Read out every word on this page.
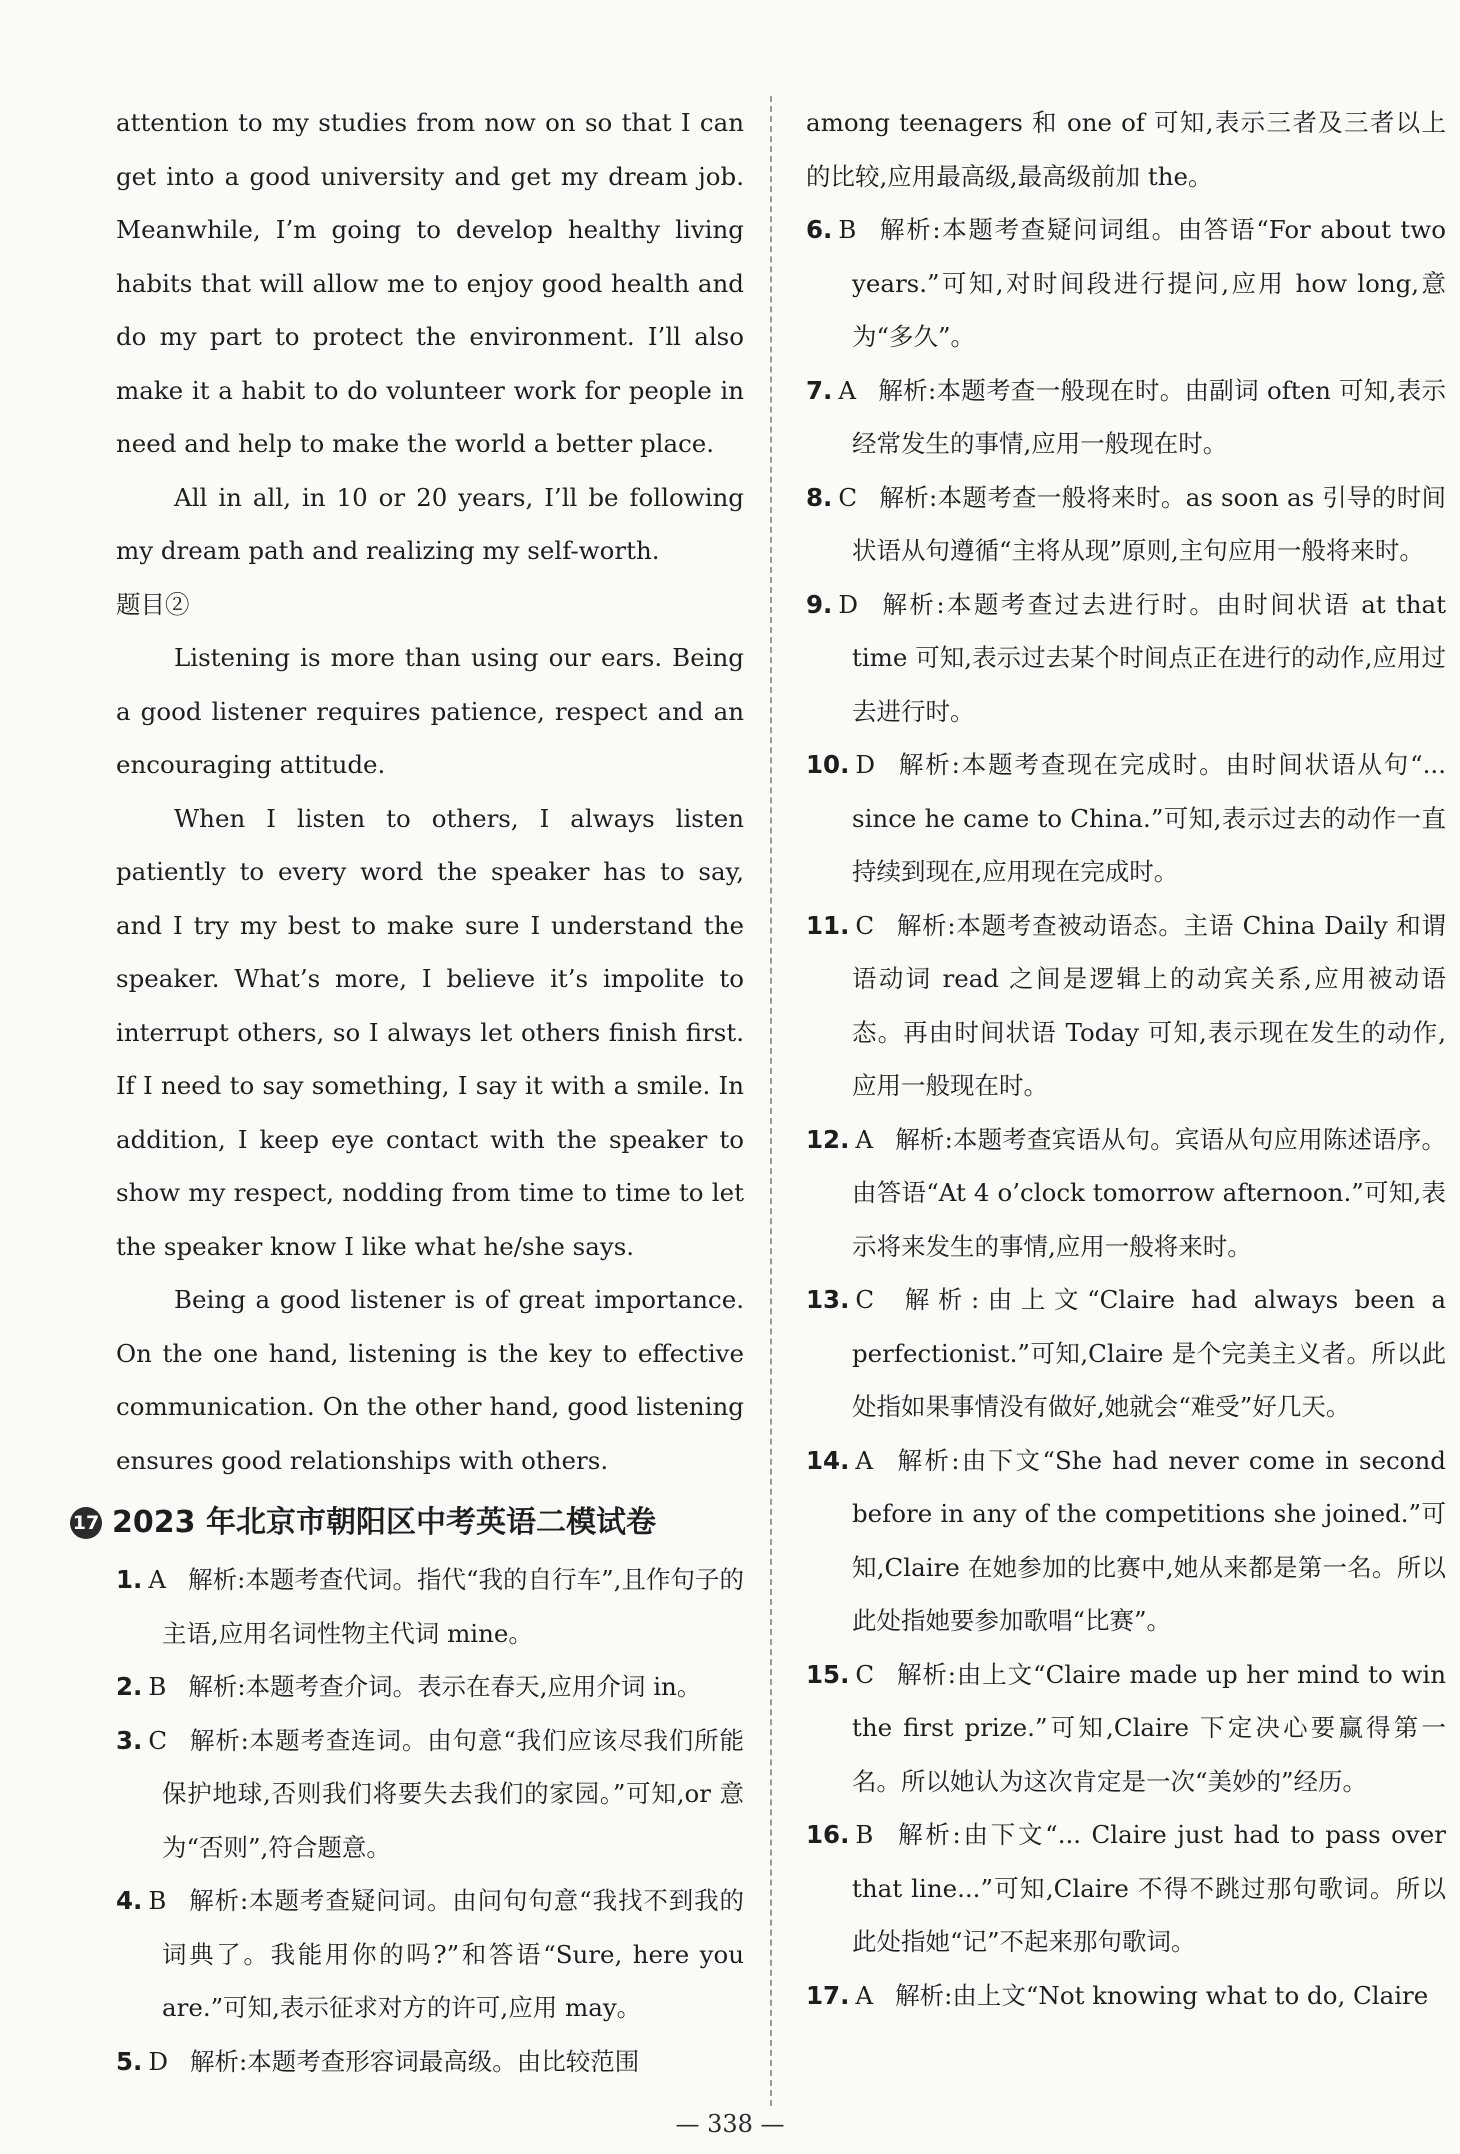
attention to my studies from now on so that I can get into a good university and get my dream job. Meanwhile, I’m going to develop healthy living habits that will allow me to enjoy good health and do my part to protect the environment. I’ll also make it a habit to do volunteer work for people in need and help to make the world a better place.

All in all, in 10 or 20 years, I’ll be following my dream path and realizing my self-worth.

题目②

Listening is more than using our ears. Being a good listener requires patience, respect and an encouraging attitude.

When I listen to others, I always listen patiently to every word the speaker has to say, and I try my best to make sure I understand the speaker. What’s more, I believe it’s impolite to interrupt others, so I always let others finish first. If I need to say something, I say it with a smile. In addition, I keep eye contact with the speaker to show my respect, nodding from time to time to let the speaker know I like what he/she says.

Being a good listener is of great importance. On the one hand, listening is the key to effective communication. On the other hand, good listening ensures good relationships with others.

17 2023 年北京市朝阳区中考英语二模试卷

1. A 解析:本题考查代词。指代“我的自行车”,且作句子的主语,应用名词性物主代词 mine。

2. B 解析:本题考查介词。表示在春天,应用介词 in。

3. C 解析:本题考查连词。由句意“我们应该尽我们所能保护地球,否则我们将要失去我们的家园。”可知,or 意为“否则”,符合题意。

4. B 解析:本题考查疑问词。由问句句意“我找不到我的词典了。我能用你的吗?”和答语“Sure, here you are.”可知,表示征求对方的许可,应用 may。

5. D 解析:本题考查形容词最高级。由比较范围

among teenagers 和 one of 可知,表示三者及三者以上的比较,应用最高级,最高级前加 the。

6. B 解析:本题考查疑问词组。由答语“For about two years.”可知,对时间段进行提问,应用 how long,意为“多久”。

7. A 解析:本题考查一般现在时。由副词 often 可知,表示经常发生的事情,应用一般现在时。

8. C 解析:本题考查一般将来时。as soon as 引导的时间状语从句遵循“主将从现”原则,主句应用一般将来时。

9. D 解析:本题考查过去进行时。由时间状语 at that time 可知,表示过去某个时间点正在进行的动作,应用过去进行时。

10. D 解析:本题考查现在完成时。由时间状语从句“... since he came to China.”可知,表示过去的动作一直持续到现在,应用现在完成时。

11. C 解析:本题考查被动语态。主语 China Daily 和谓语动词 read 之间是逻辑上的动宾关系,应用被动语态。再由时间状语 Today 可知,表示现在发生的动作,应用一般现在时。

12. A 解析:本题考查宾语从句。宾语从句应用陈述语序。由答语“At 4 o’clock tomorrow afternoon.”可知,表示将来发生的事情,应用一般将来时。

13. C 解析:由上文“Claire had always been a perfectionist.”可知,Claire 是个完美主义者。所以此处指如果事情没有做好,她就会“难受”好几天。

14. A 解析:由下文“She had never come in second before in any of the competitions she joined.”可知,Claire 在她参加的比赛中,她从来都是第一名。所以此处指她要参加歌唱“比赛”。

15. C 解析:由上文“Claire made up her mind to win the first prize.”可知,Claire 下定决心要赢得第一名。所以她认为这次肯定是一次“美妙的”经历。

16. B 解析:由下文“... Claire just had to pass over that line...”可知,Claire 不得不跳过那句歌词。所以此处指她“记”不起来那句歌词。

17. A 解析:由上文“Not knowing what to do, Claire

— 338 —
